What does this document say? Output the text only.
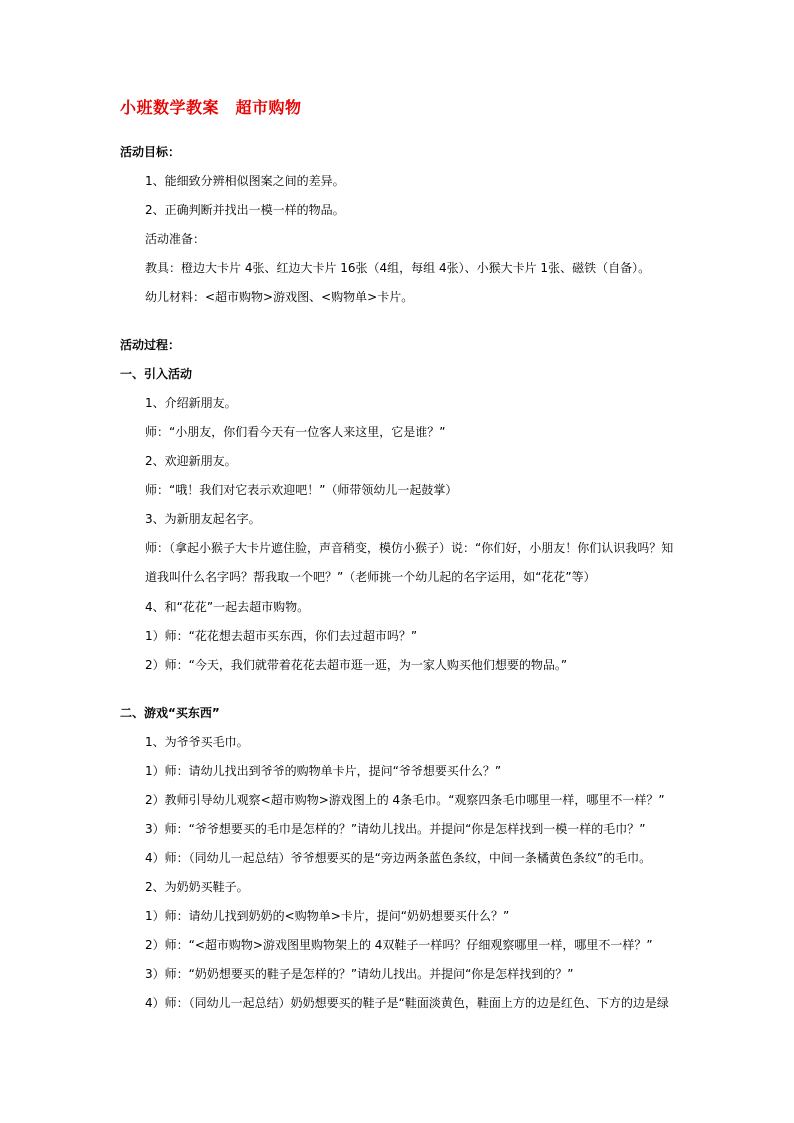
小班数学教案　超市购物
活动目标：
1、能细致分辨相似图案之间的差异。
2、正确判断并找出一模一样的物品。
活动准备：
教具：橙边大卡片 4张、红边大卡片 16张（4组，每组 4张）、小猴大卡片 1张、磁铁（自备）。
幼儿材料：<超市购物>游戏图、<购物单>卡片。
活动过程：
一、引入活动
1、介绍新朋友。
师：“小朋友，你们看今天有一位客人来这里，它是谁？”
2、欢迎新朋友。
师：“哦！我们对它表示欢迎吧！”（师带领幼儿一起鼓掌）
3、为新朋友起名字。
师：（拿起小猴子大卡片遮住脸，声音稍变，模仿小猴子）说：“你们好，小朋友！你们认识我吗？知道我叫什么名字吗？帮我取一个吧？”（老师挑一个幼儿起的名字运用，如“花花”等）
4、和“花花”一起去超市购物。
1）师：“花花想去超市买东西，你们去过超市吗？”
2）师：“今天，我们就带着花花去超市逛一逛，为一家人购买他们想要的物品。”
二、游戏“买东西”
1、为爷爷买毛巾。
1）师：请幼儿找出到爷爷的购物单卡片，提问“爷爷想要买什么？”
2）教师引导幼儿观察<超市购物>游戏图上的 4条毛巾。“观察四条毛巾哪里一样，哪里不一样？”
3）师：“爷爷想要买的毛巾是怎样的？”请幼儿找出。并提问“你是怎样找到一模一样的毛巾？”
4）师：（同幼儿一起总结）爷爷想要买的是“旁边两条蓝色条纹，中间一条橘黄色条纹”的毛巾。
2、为奶奶买鞋子。
1）师：请幼儿找到奶奶的<购物单>卡片，提问“奶奶想要买什么？”
2）师：“<超市购物>游戏图里购物架上的 4双鞋子一样吗？仔细观察哪里一样，哪里不一样？”
3）师：“奶奶想要买的鞋子是怎样的？”请幼儿找出。并提问“你是怎样找到的？”
4）师：（同幼儿一起总结）奶奶想要买的鞋子是“鞋面淡黄色，鞋面上方的边是红色、下方的边是绿
